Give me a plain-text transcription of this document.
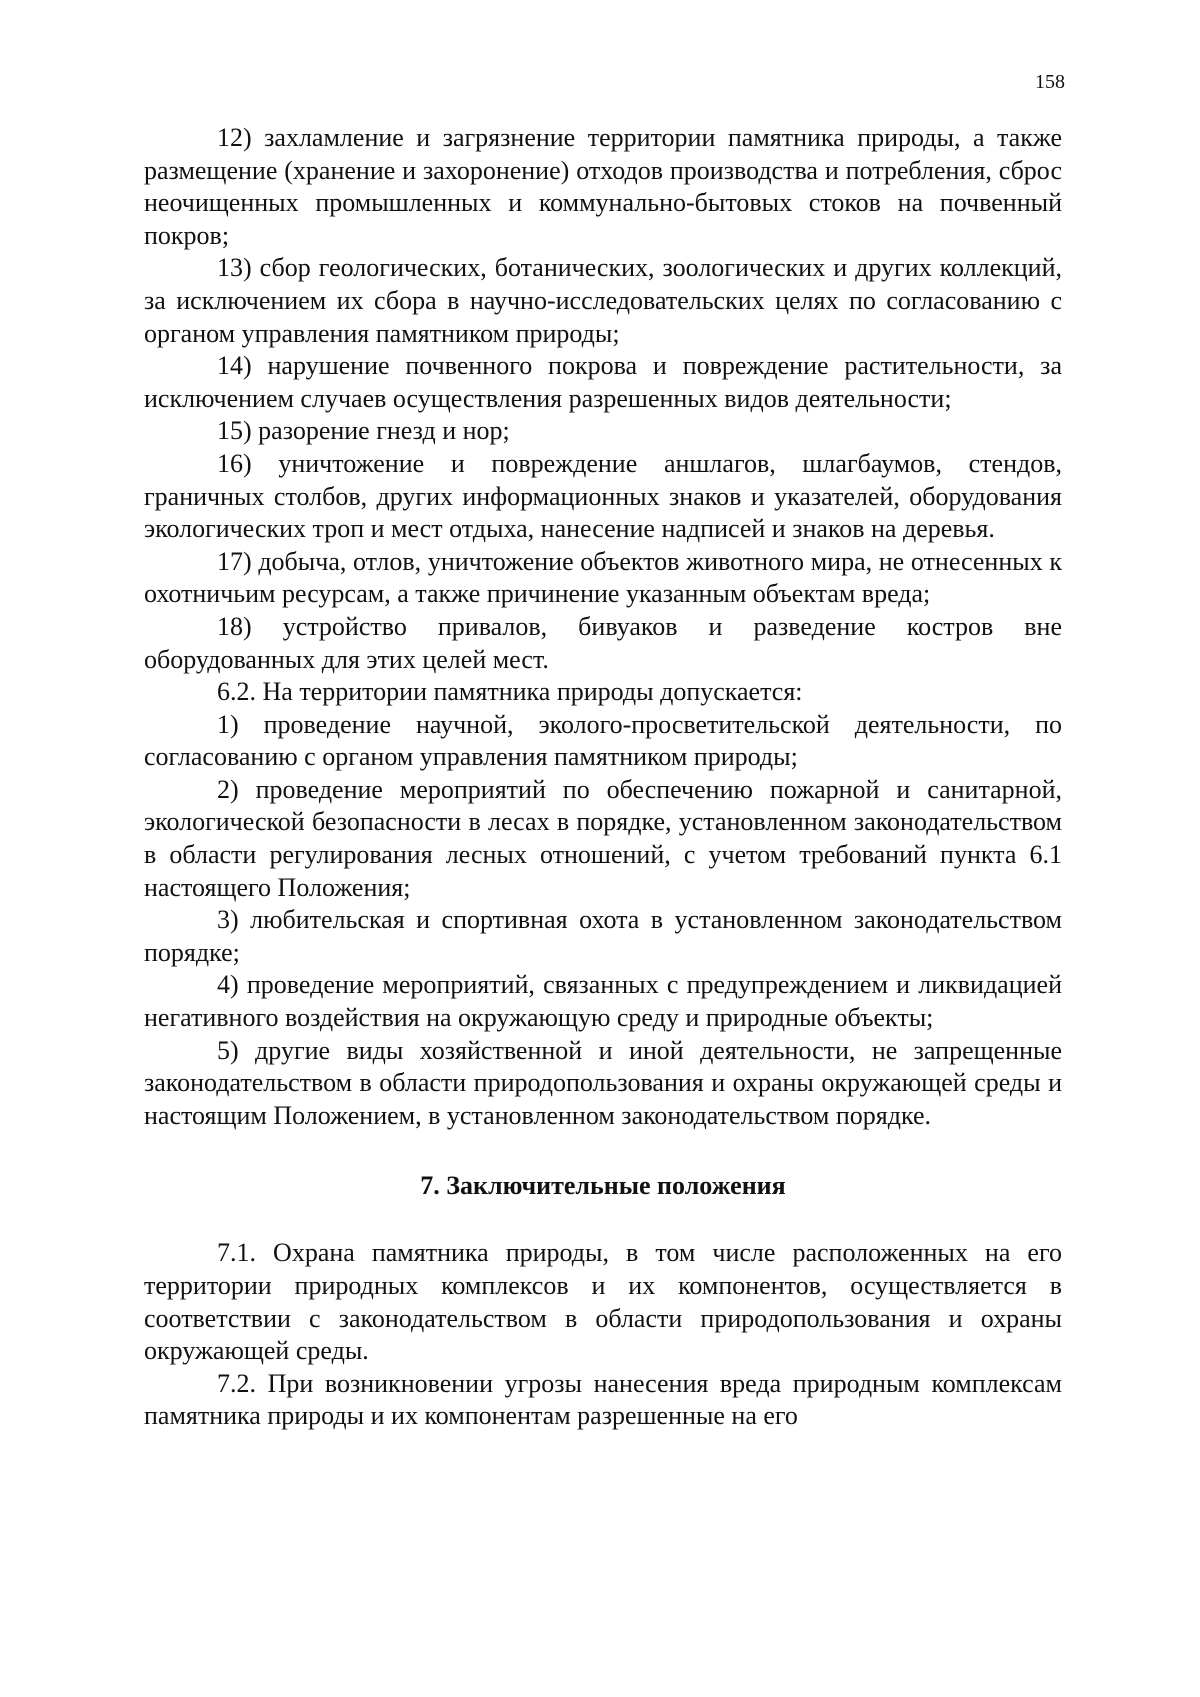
158

12) захламление и загрязнение территории памятника природы, а также размещение (хранение и захоронение) отходов производства и потребления, сброс неочищенных промышленных и коммунально-бытовых стоков на почвенный покров;

13) сбор геологических, ботанических, зоологических и других коллекций, за исключением их сбора в научно-исследовательских целях по согласованию с органом управления памятником природы;

14) нарушение почвенного покрова и повреждение растительности, за исключением случаев осуществления разрешенных видов деятельности;

15) разорение гнезд и нор;

16) уничтожение и повреждение аншлагов, шлагбаумов, стендов, граничных столбов, других информационных знаков и указателей, оборудования экологических троп и мест отдыха, нанесение надписей и знаков на деревья.

17) добыча, отлов, уничтожение объектов животного мира, не отнесенных к охотничьим ресурсам, а также причинение указанным объектам вреда;

18) устройство привалов, бивуаков и разведение костров вне оборудованных для этих целей мест.

6.2. На территории памятника природы допускается:

1) проведение научной, эколого-просветительской деятельности, по согласованию с органом управления памятником природы;

2) проведение мероприятий по обеспечению пожарной и санитарной, экологической безопасности в лесах в порядке, установленном законодательством в области регулирования лесных отношений, с учетом требований пункта 6.1 настоящего Положения;

3) любительская и спортивная охота в установленном законодательством порядке;

4) проведение мероприятий, связанных с предупреждением и ликвидацией негативного воздействия на окружающую среду и природные объекты;

5) другие виды хозяйственной и иной деятельности, не запрещенные законодательством в области природопользования и охраны окружающей среды и настоящим Положением, в установленном законодательством порядке.

7. Заключительные положения

7.1. Охрана памятника природы, в том числе расположенных на его территории природных комплексов и их компонентов, осуществляется в соответствии с законодательством в области природопользования и охраны окружающей среды.

7.2. При возникновении угрозы нанесения вреда природным комплексам памятника природы и их компонентам разрешенные на его
